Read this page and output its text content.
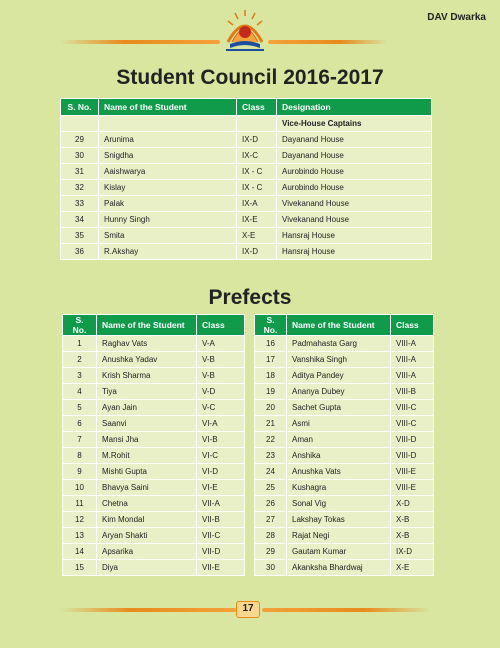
DAV Dwarka
Student Council 2016-2017
S. No.	Name of the Student	Class	Designation
			Vice-House Captains
29	Arunima	IX-D	Dayanand House
30	Snigdha	IX-C	Dayanand House
31	Aaishwarya	IX - C	Aurobindo House
32	Kislay	IX - C	Aurobindo House
33	Palak	IX-A	Vivekanand House
34	Hunny Singh	IX-E	Vivekanand House
35	Smita	X-E	Hansraj House
36	R.Akshay	IX-D	Hansraj House
Prefects
S. No.	Name of the Student	Class
1	Raghav Vats	V-A
2	Anushka Yadav	V-B
3	Krish Sharma	V-B
4	Tiya	V-D
5	Ayan Jain	V-C
6	Saanvi	VI-A
7	Mansi Jha	VI-B
8	M.Rohit	VI-C
9	Mishti Gupta	VI-D
10	Bhavya Saini	VI-E
11	Chetna	VII-A
12	Kim Mondal	VII-B
13	Aryan Shakti	VII-C
14	Apsarika	VII-D
15	Diya	VII-E
S. No.	Name of the Student	Class
16	Padmahasta Garg	VIII-A
17	Vanshika Singh	VIII-A
18	Aditya Pandey	VIII-A
19	Ananya Dubey	VIII-B
20	Sachet Gupta	VIII-C
21	Asmi	VIII-C
22	Aman	VIII-D
23	Anshika	VIII-D
24	Anushka Vats	VIII-E
25	Kushagra	VIII-E
26	Sonal Vig	X-D
27	Lakshay Tokas	X-B
28	Rajat Negi	X-B
29	Gautam Kumar	IX-D
30	Akanksha Bhardwaj	X-E
17
